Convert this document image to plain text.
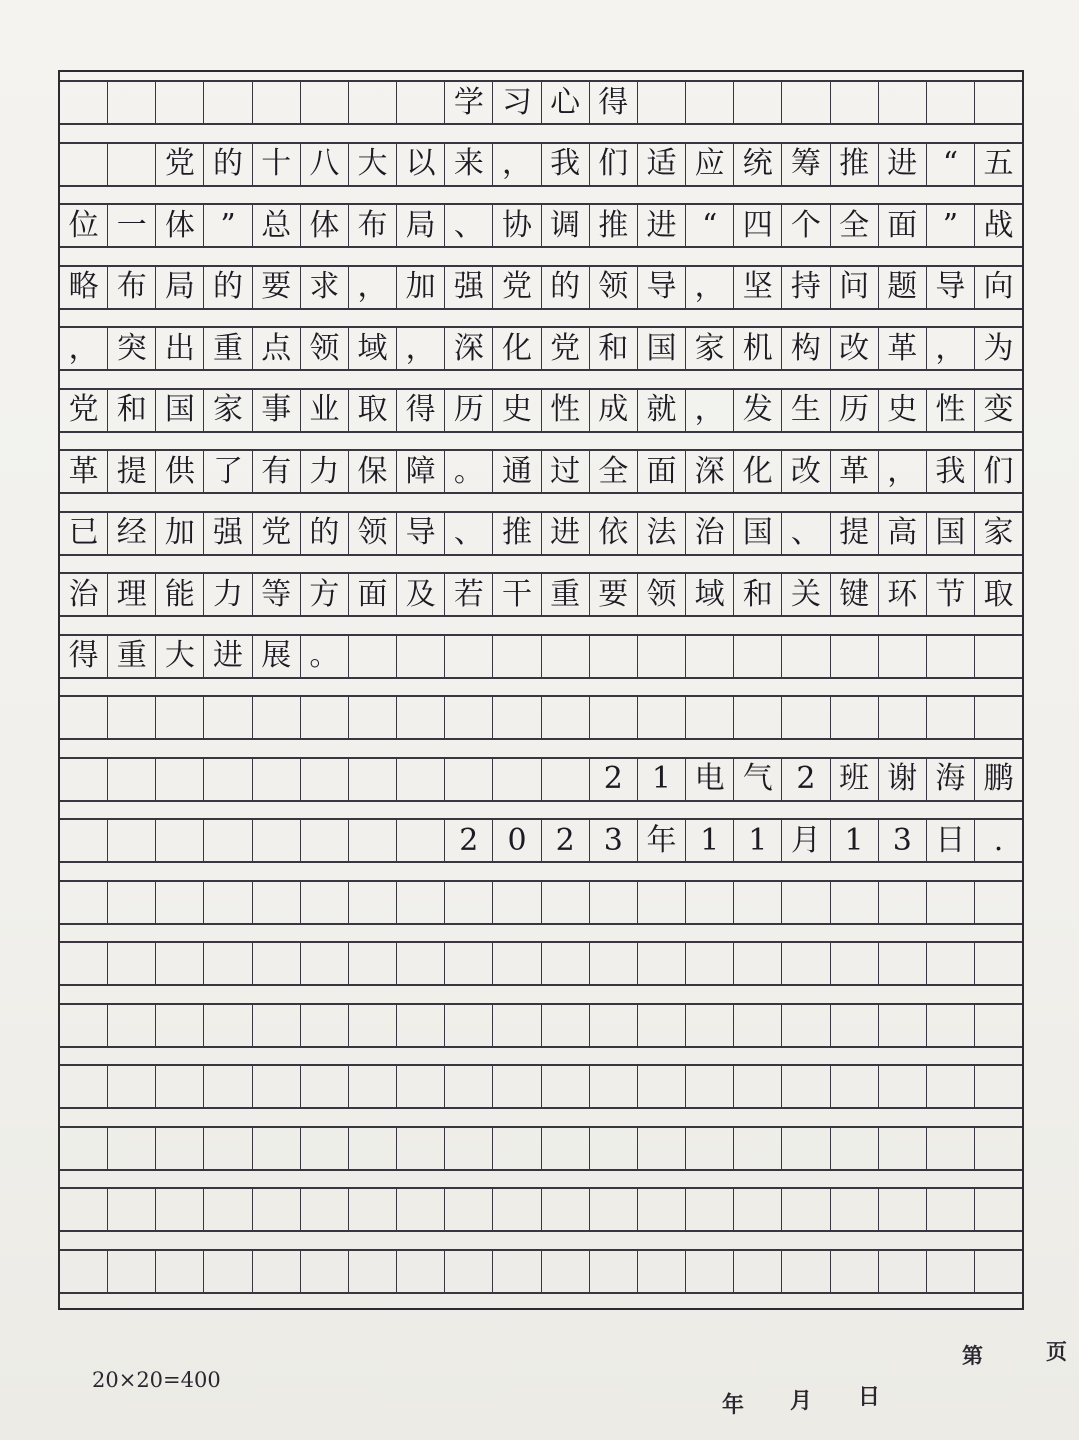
学 习 心 得
党 的 十 八 大 以 来 ， 我 们 适 应 统 筹 推 进 “ 五
位 一 体 ” 总 体 布 局 、 协 调 推 进 “ 四 个 全 面 ” 战
略 布 局 的 要 求 ， 加 强 党 的 领 导 ， 坚 持 问 题 导 向
， 突 出 重 点 领 域 ， 深 化 党 和 国 家 机 构 改 革 ， 为
党 和 国 家 事 业 取 得 历 史 性 成 就 ， 发 生 历 史 性 变
革 提 供 了 有 力 保 障 。 通 过 全 面 深 化 改 革 ， 我 们
已 经 加 强 党 的 领 导 、 推 进 依 法 治 国 、 提 高 国 家
治 理 能 力 等 方 面 及 若 干 重 要 领 域 和 关 键 环 节 取
得 重 大 进 展 。
2 1 电 气 2 班 谢 海 鹏
2 0 2 3 年 1 1 月 1 3 日 .
20×20=400
年 月 日
第	页
